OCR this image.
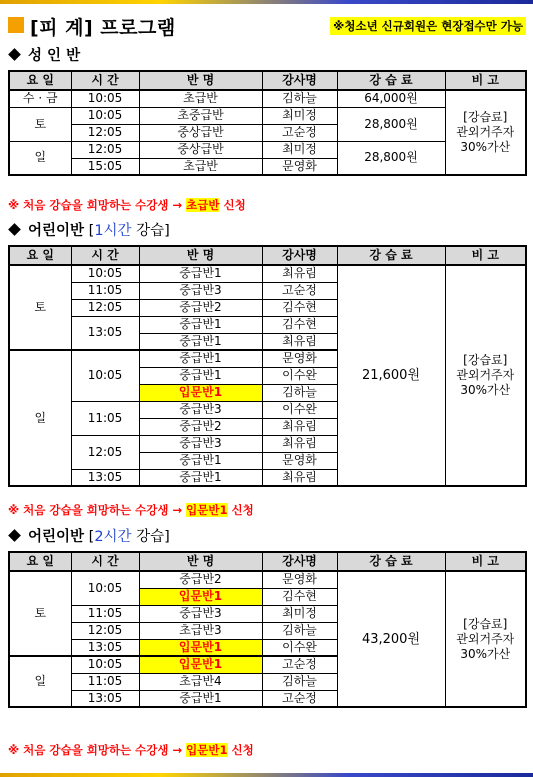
[피 계] 프로그램	※청소년 신규회원은 현장접수만 가능
성 인 반
요 일	시 간	반 명	강사명	강 습 료	비 고
수 · 금	10:05	초급반	김하늘	64,000원	[강습료]
관외거주자
30%가산

토	10:05	초중급반	최미정	28,800원	
	12:05	중상급반	고순정		
일	12:05	중상급반	최미정	28,800원	
	15:05	초급반	문영화		
※ 처음 강습을 희망하는 수강생 → 초급반 신청
어린이반 [1시간 강습]
요 일	시 간	반 명	강사명	강 습 료	비 고
토	10:05	중급반1	최유림	21,600원	[강습료]
관외거주자
30%가산

	11:05	중급반3	고순정		
	12:05	중급반2	김수현		
	13:05	중급반1	김수현		
		중급반1	최유림		
일	10:05	중급반1	문영화		
		중급반1	이수완		
		입문반1	김하늘		
	11:05	중급반3	이수완		
		중급반2	최유림		
	12:05	중급반3	최유림		
		중급반1	문영화		
	13:05	중급반1	최유림		
※ 처음 강습을 희망하는 수강생 → 입문반1 신청
어린이반 [2시간 강습]
요 일	시 간	반 명	강사명	강 습 료	비 고
토	10:05	중급반2	문영화	43,200원	[강습료]
관외거주자
30%가산

		입문반1	김수현		
	11:05	중급반3	최미정		
	12:05	초급반3	김하늘		
	13:05	입문반1	이수완		
일	10:05	입문반1	고순정		
	11:05	초급반4	김하늘		
	13:05	중급반1	고순정		
※ 처음 강습을 희망하는 수강생 → 입문반1 신청
